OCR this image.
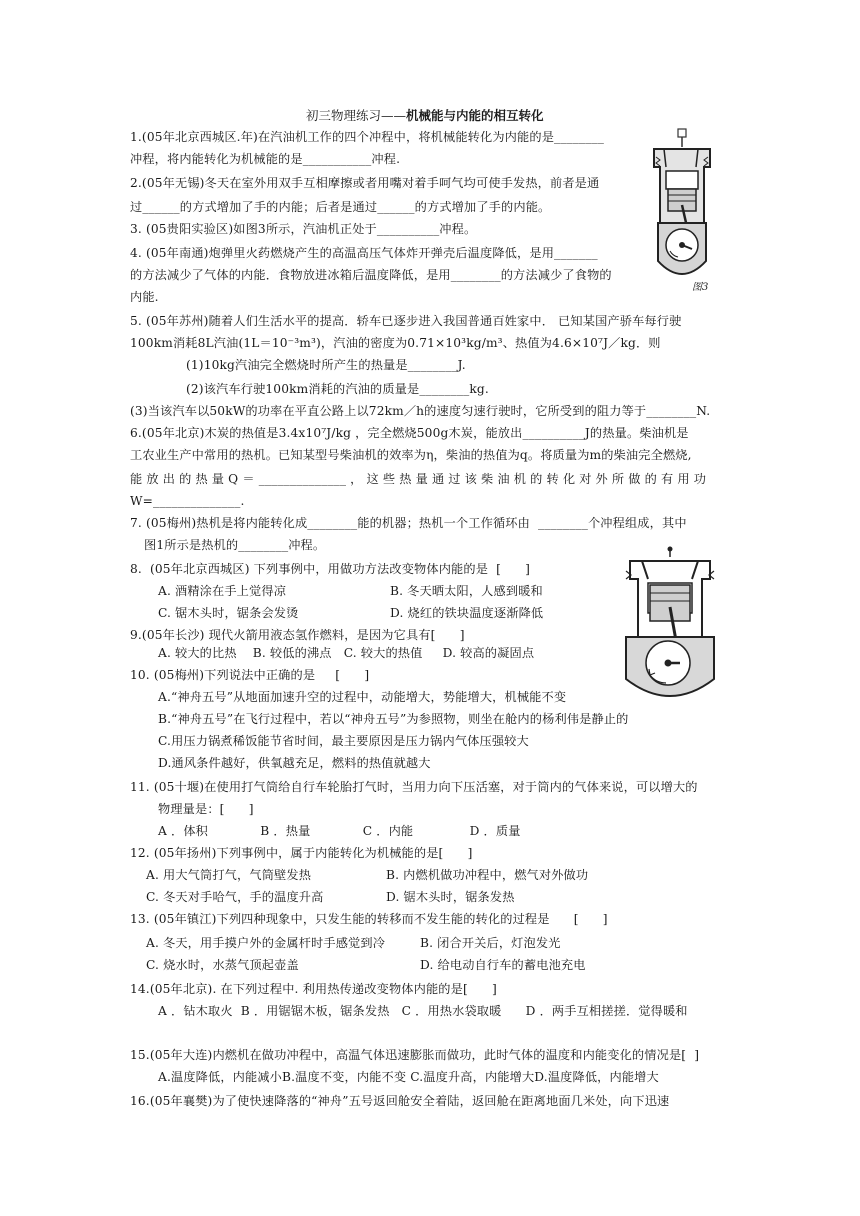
初三物理练习——机械能与内能的相互转化
图3
1.(05年北京西城区.年)在汽油机工作的四个冲程中，将机械能转化为内能的是________
冲程，将内能转化为机械能的是___________冲程.
2.(05年无锡)冬天在室外用双手互相摩擦或者用嘴对着手呵气均可使手发热，前者是通
过______的方式增加了手的内能；后者是通过______的方式增加了手的内能。
3. (05贵阳实验区)如图3所示，汽油机正处于__________冲程。
4. (05年南通)炮弹里火药燃烧产生的高温高压气体炸开弹壳后温度降低，是用_______
的方法减少了气体的内能．食物放进冰箱后温度降低，是用________的方法减少了食物的
内能.
5. (05年苏州)随着人们生活水平的提高．轿车已逐步进入我国普通百姓家中． 已知某国产骄车每行驶
100km消耗8L汽油(1L＝10⁻³m³)，汽油的密度为0.71×10³kg/m³、热值为4.6×10⁷J／kg．则
(1)10kg汽油完全燃烧时所产生的热量是________J.
(2)该汽车行驶100km消耗的汽油的质量是________kg.
(3)当该汽车以50kW的功率在平直公路上以72km／h的速度匀速行驶时，它所受到的阻力等于________N.
6.(05年北京)木炭的热值是3.4x10⁷J/kg ，完全燃烧500g木炭，能放出__________J的热量。柴油机是
工农业生产中常用的热机。已知某型号柴油机的效率为η，柴油的热值为q。将质量为m的柴油完全燃烧,
能 放 出 的 热 量 Q ＝ ______________ ， 这 些 热 量 通 过 该 柴 油 机 的 转 化 对 外 所 做 的 有 用 功
W=______________.
7. (05梅州)热机是将内能转化成________能的机器；热机一个工作循环由  ________个冲程组成，其中
图1所示是热机的________冲程。
8.  (05年北京西城区) 下列事例中，用做功方法改变物体内能的是  [      ]
A. 酒精涂在手上觉得凉	B. 冬天晒太阳，人感到暖和
C. 锯木头时，锯条会发烫	D. 烧红的铁块温度逐渐降低
9.(05年长沙) 现代火箭用液态氢作燃料，是因为它具有[      ]
A. 较大的比热    B. 较低的沸点   C. 较大的热值     D. 较高的凝固点
10. (05梅州)下列说法中正确的是     [      ]
A.“神舟五号”从地面加速升空的过程中，动能增大，势能增大，机械能不变
B.“神舟五号”在飞行过程中，若以“神舟五号”为参照物，则坐在舱内的杨利伟是静止的
C.用压力锅煮稀饭能节省时间，最主要原因是压力锅内气体压强较大
D.通风条件越好，供氧越充足，燃料的热值就越大
11. (05十堰)在使用打气筒给自行车轮胎打气时，当用力向下压活塞，对于筒内的气体来说，可以增大的
物理量是：[      ]
A ．体积             B ．热量             C ．内能              D ．质量
12. (05年扬州)下列事例中，属于内能转化为机械能的是[      ]
A. 用大气筒打气，气筒壁发热	B. 内燃机做功冲程中，燃气对外做功
C. 冬天对手哈气，手的温度升高	D. 锯木头时，锯条发热
13. (05年镇江)下列四种现象中，只发生能的转移而不发生能的转化的过程是      [      ]
A. 冬天，用手摸户外的金属杆时手感觉到冷	B. 闭合开关后，灯泡发光
C. 烧水时，水蒸气顶起壶盖	D. 给电动自行车的蓄电池充电
14.(05年北京). 在下列过程中. 利用热传递改变物体内能的是[      ]
A ．钻木取火  B ．用锯锯木板，锯条发热   C ．用热水袋取暖      D ．两手互相搓搓．觉得暖和
15.(05年大连)内燃机在做功冲程中，高温气体迅速膨胀而做功，此时气体的温度和内能变化的情况是[  ]
A.温度降低，内能减小B.温度不变，内能不变 C.温度升高，内能增大D.温度降低，内能增大
16.(05年襄樊)为了使快速降落的“神舟”五号返回舱安全着陆，返回舱在距离地面几米处，向下迅速
